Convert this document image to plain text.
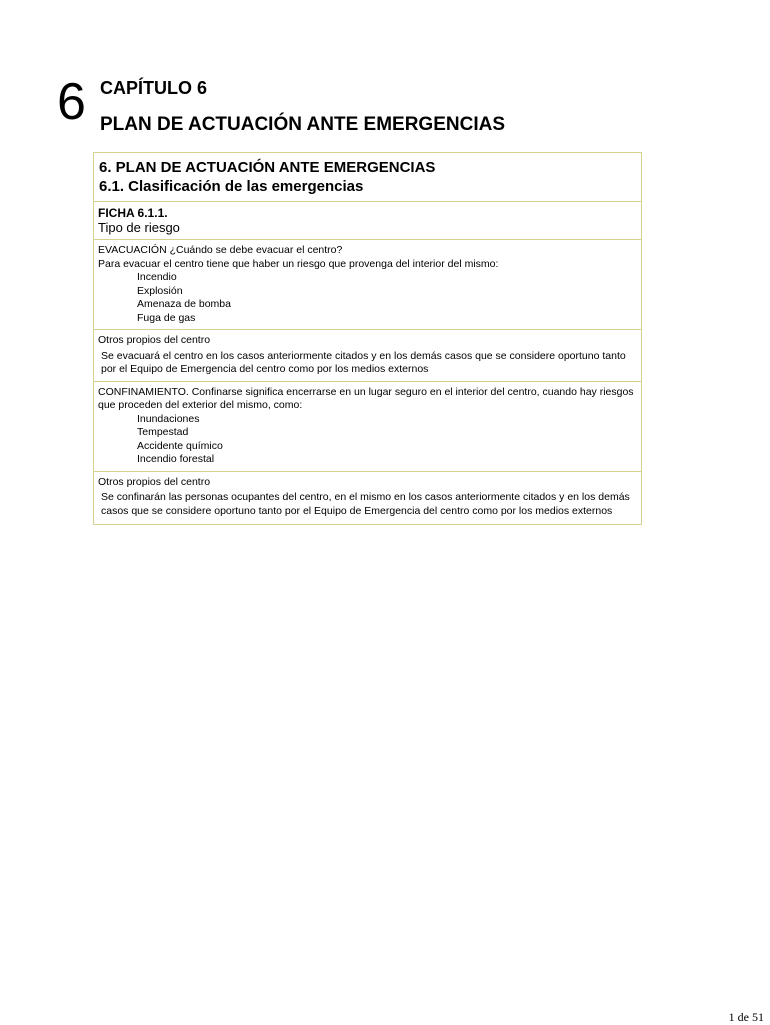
6 CAPÍTULO 6
PLAN DE ACTUACIÓN ANTE EMERGENCIAS
6. PLAN DE ACTUACIÓN ANTE EMERGENCIAS
6.1. Clasificación de las emergencias
FICHA 6.1.1.
Tipo de riesgo
EVACUACIÓN ¿Cuándo se debe evacuar el centro?
Para evacuar el centro tiene que haber un riesgo que provenga del interior del mismo:
Incendio
Explosión
Amenaza de bomba
Fuga de gas
Otros propios del centro
Se evacuará el centro en los casos anteriormente citados y en los demás casos que se considere oportuno tanto por el Equipo de Emergencia del centro como por los medios externos
CONFINAMIENTO. Confinarse significa encerrarse en un lugar seguro en el interior del centro, cuando hay riesgos que proceden del exterior del mismo, como:
Inundaciones
Tempestad
Accidente químico
Incendio forestal
Otros propios del centro
Se confinarán las personas ocupantes del centro, en el mismo en los casos anteriormente citados y en los demás casos que se considere oportuno tanto por el Equipo de Emergencia del centro como por los medios externos
1 de 51
